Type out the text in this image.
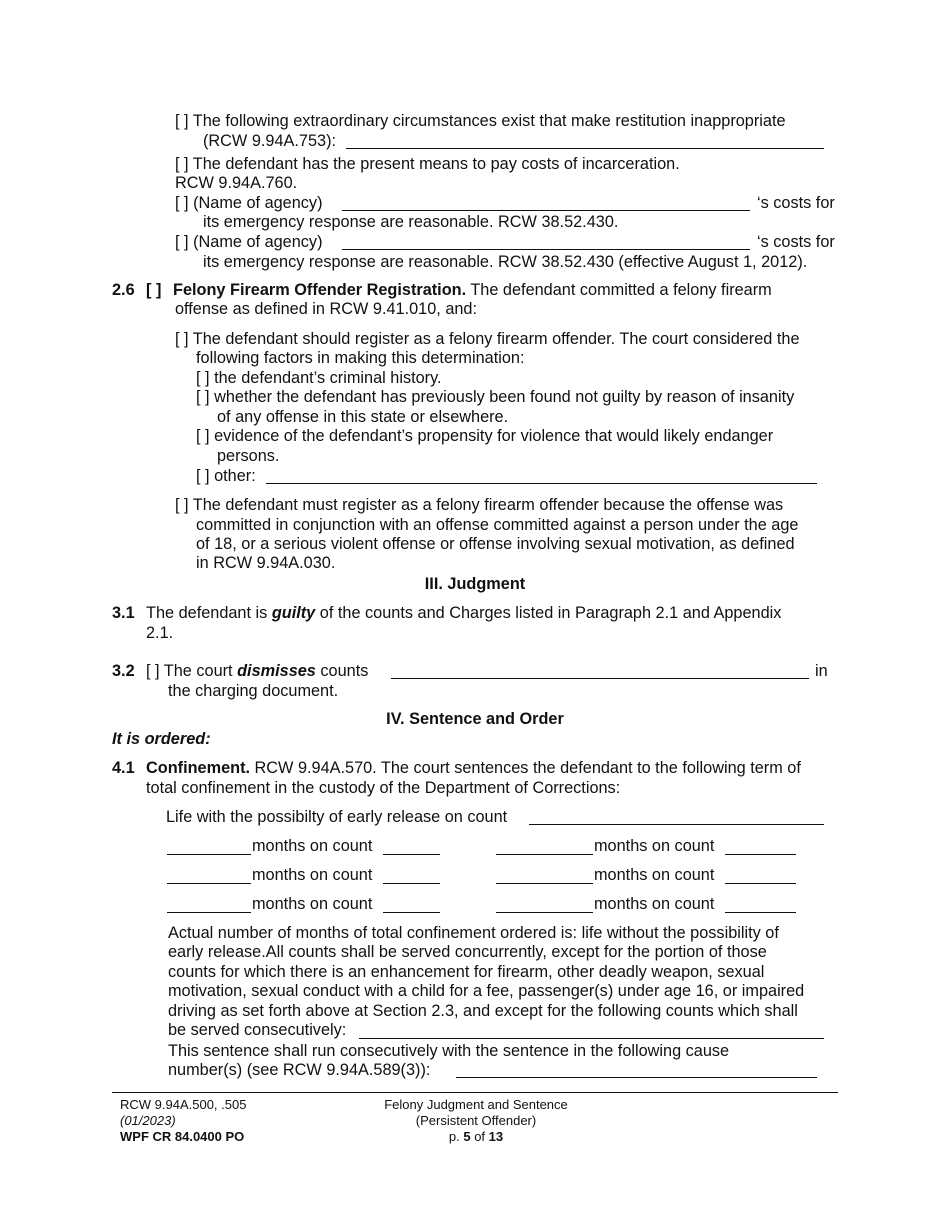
[ ] The following extraordinary circumstances exist that make restitution inappropriate
(RCW 9.94A.753):
[ ] The defendant has the present means to pay costs of incarceration.
RCW 9.94A.760.
[ ] (Name of agency)	‘s costs for
its emergency response are reasonable. RCW 38.52.430.
[ ] (Name of agency)	‘s costs for
its emergency response are reasonable. RCW 38.52.430 (effective August 1, 2012).
2.6 [ ] Felony Firearm Offender Registration. The defendant committed a felony firearm
offense as defined in RCW 9.41.010, and:
[ ] The defendant should register as a felony firearm offender. The court considered the
following factors in making this determination:
[ ] the defendant’s criminal history.
[ ] whether the defendant has previously been found not guilty by reason of insanity
of any offense in this state or elsewhere.
[ ] evidence of the defendant’s propensity for violence that would likely endanger
persons.
[ ] other:
[ ] The defendant must register as a felony firearm offender because the offense was
committed in conjunction with an offense committed against a person under the age
of 18, or a serious violent offense or offense involving sexual motivation, as defined
in RCW 9.94A.030.
III. Judgment
3.1 The defendant is guilty of the counts and Charges listed in Paragraph 2.1 and Appendix
2.1.
3.2 [ ] The court dismisses counts	in
the charging document.
IV. Sentence and Order
It is ordered:
4.1 Confinement. RCW 9.94A.570. The court sentences the defendant to the following term of
total confinement in the custody of the Department of Corrections:
Life with the possibilty of early release on count
months on count	months on count
months on count	months on count
months on count	months on count
Actual number of months of total confinement ordered is: life without the possibility of
early release.All counts shall be served concurrently, except for the portion of those
counts for which there is an enhancement for firearm, other deadly weapon, sexual
motivation, sexual conduct with a child for a fee, passenger(s) under age 16, or impaired
driving as set forth above at Section 2.3, and except for the following counts which shall
be served consecutively:
This sentence shall run consecutively with the sentence in the following cause
number(s) (see RCW 9.94A.589(3)):
RCW 9.94A.500, .505
(01/2023)
WPF CR 84.0400 PO
Felony Judgment and Sentence
(Persistent Offender)
p. 5 of 13
